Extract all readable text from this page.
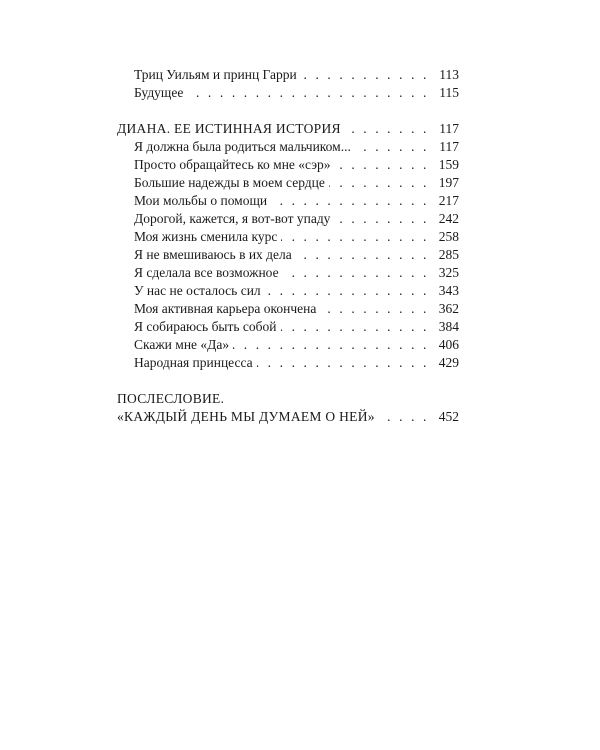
Триц Уильям и принц Гарри . . .	113
Будущее . . .	115
ДИАНА. ЕЕ ИСТИННАЯ ИСТОРИЯ . . .	117
Я должна была родиться мальчиком... . . .	117
Просто обращайтесь ко мне «сэр» . . .	159
Большие надежды в моем сердце . . .	197
Мои мольбы о помощи . . .	217
Дорогой, кажется, я вот-вот упаду . . .	242
Моя жизнь сменила курс . . .	258
Я не вмешиваюсь в их дела . . .	285
Я сделала все возможное . . .	325
У нас не осталось сил . . .	343
Моя активная карьера окончена . . .	362
Я собираюсь быть собой . . .	384
Скажи мне «Да» . . .	406
Народная принцесса . . .	429
ПОСЛЕСЛОВИЕ.
«КАЖДЫЙ ДЕНЬ МЫ ДУМАЕМ О НЕЙ» . . .	452
